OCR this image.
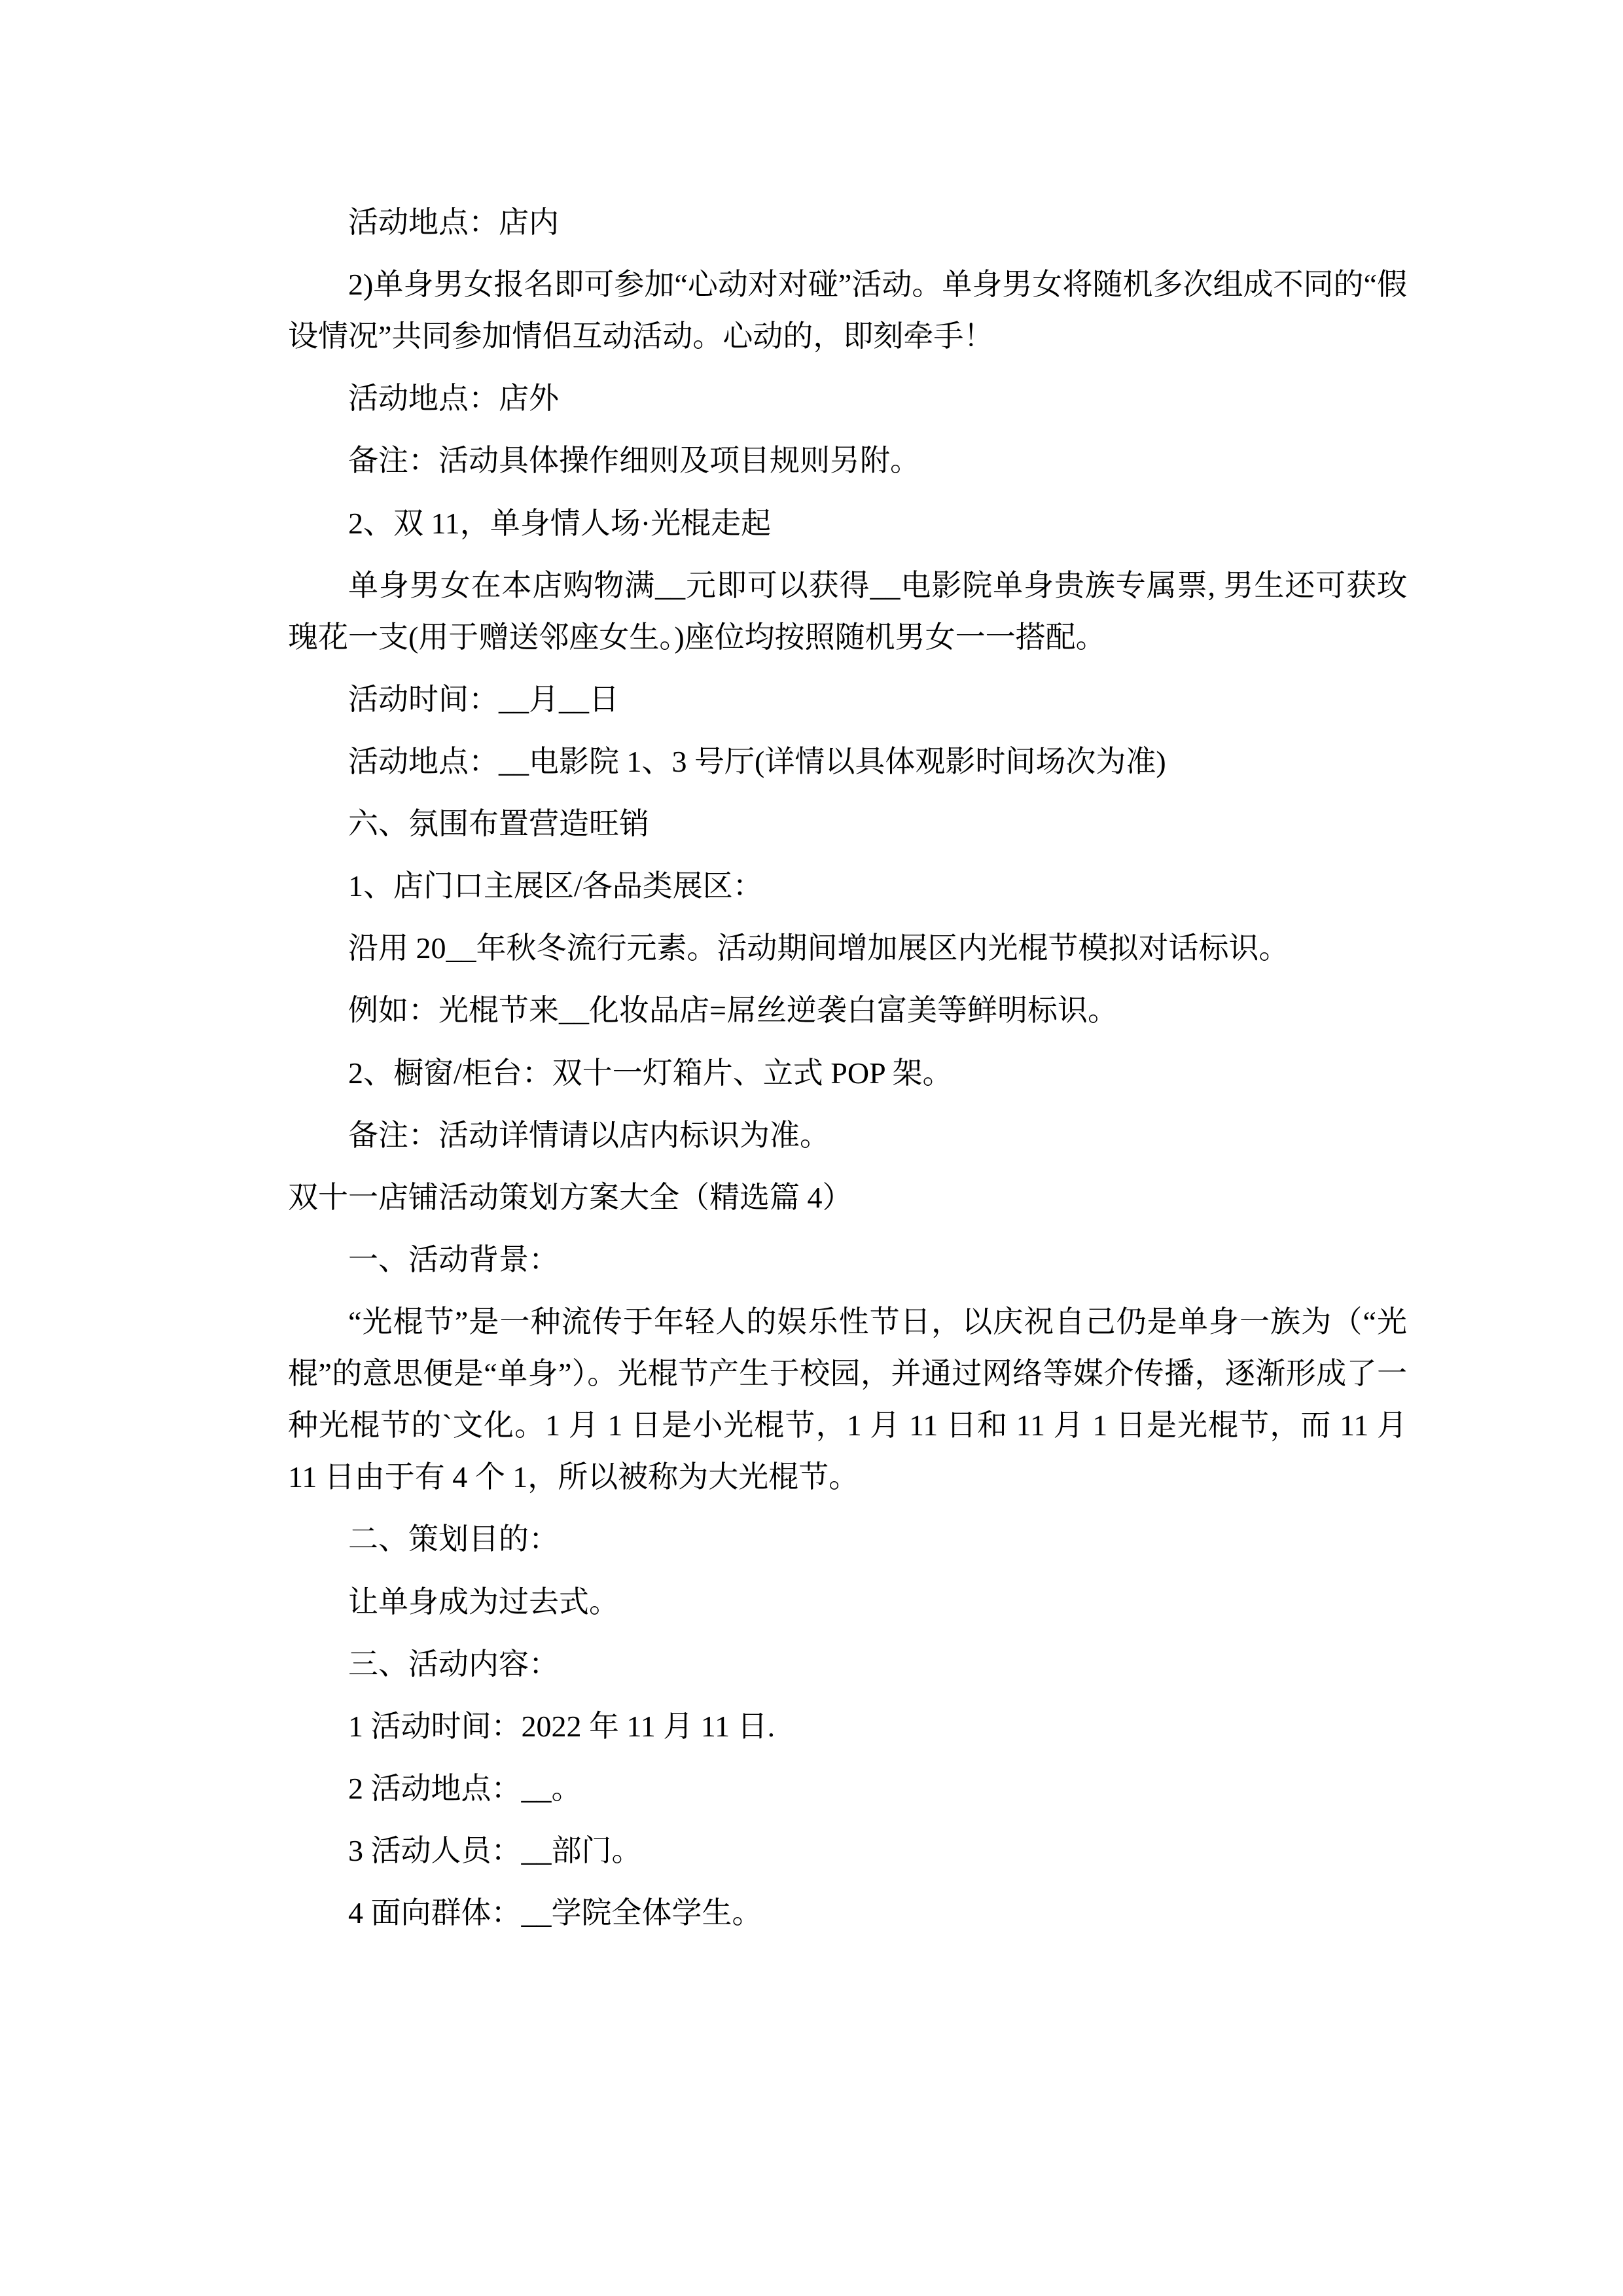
活动地点：店内

2)单身男女报名即可参加“心动对对碰”活动。单身男女将随机多次组成不同的“假设情况”共同参加情侣互动活动。心动的，即刻牵手！

活动地点：店外

备注：活动具体操作细则及项目规则另附。

2、双 11，单身情人场·光棍走起

单身男女在本店购物满__元即可以获得__电影院单身贵族专属票, 男生还可获玫瑰花一支(用于赠送邻座女生。)座位均按照随机男女一一搭配。

活动时间：__月__日

活动地点：__电影院 1、3 号厅(详情以具体观影时间场次为准)

六、氛围布置营造旺销

1、店门口主展区/各品类展区：

沿用 20__年秋冬流行元素。活动期间增加展区内光棍节模拟对话标识。

例如：光棍节来__化妆品店=屌丝逆袭白富美等鲜明标识。

2、橱窗/柜台：双十一灯箱片、立式 POP 架。

备注：活动详情请以店内标识为准。

双十一店铺活动策划方案大全（精选篇 4）

一、活动背景：

“光棍节”是一种流传于年轻人的娱乐性节日，以庆祝自己仍是单身一族为（“光棍”的意思便是“单身”）。光棍节产生于校园，并通过网络等媒介传播，逐渐形成了一种光棍节的`文化。1 月 1 日是小光棍节，1 月 11 日和 11 月 1 日是光棍节，而 11 月 11 日由于有 4 个 1，所以被称为大光棍节。

二、策划目的：

让单身成为过去式。

三、活动内容：

1 活动时间：2022 年 11 月 11 日.

2 活动地点：__。

3 活动人员：__部门。

4 面向群体：__学院全体学生。
